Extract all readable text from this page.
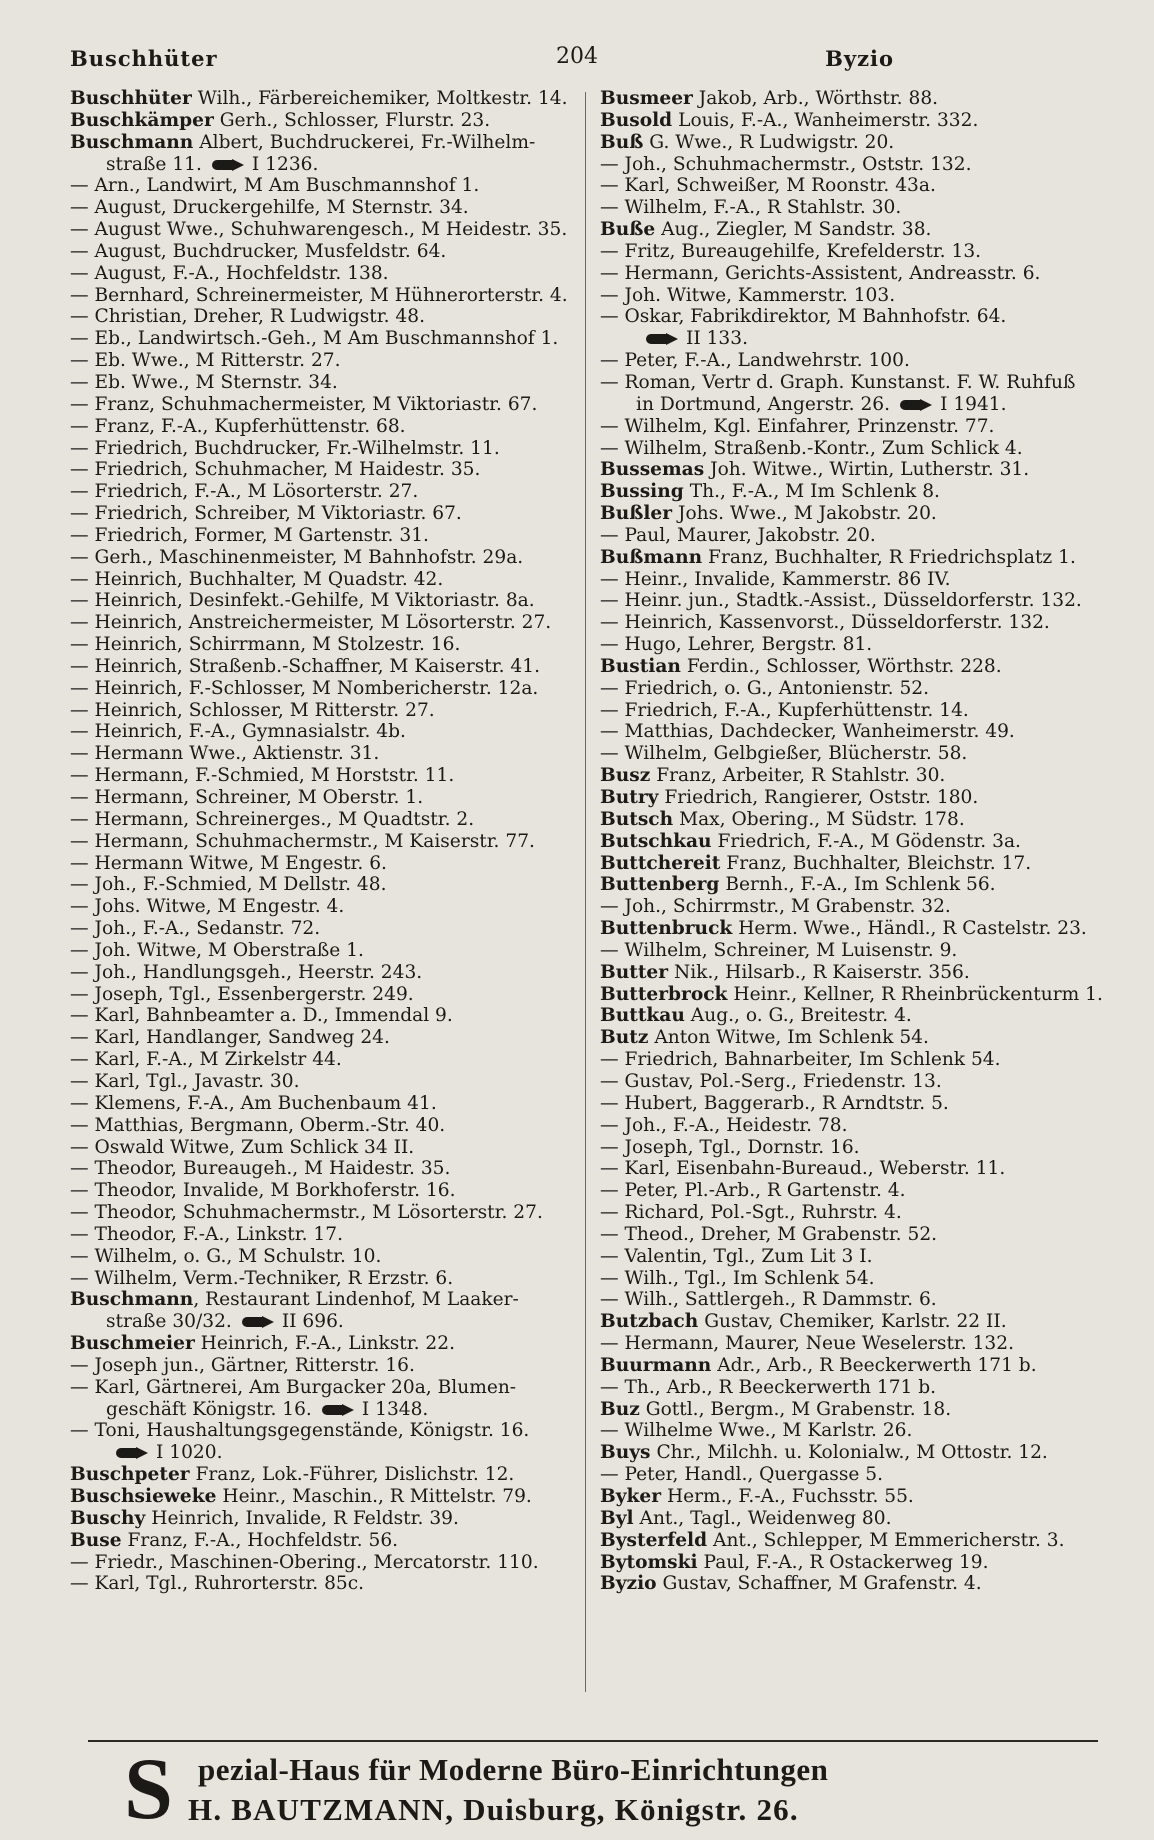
Buschhüter	204	Byzio
Buschhüter Wilh., Färbereichemiker, Moltkestr. 14.
Buschkämper Gerh., Schlosser, Flurstr. 23.
Buschmann Albert, Buchdruckerei, Fr.-Wilhelm-
straße 11.	I 1236.
— Arn., Landwirt, M Am Buschmannshof 1.
— August, Druckergehilfe, M Sternstr. 34.
— August Wwe., Schuhwarengesch., M Heidestr. 35.
— August, Buchdrucker, Musfeldstr. 64.
— August, F.-A., Hochfeldstr. 138.
— Bernhard, Schreinermeister, M Hühnerorterstr. 4.
— Christian, Dreher, R Ludwigstr. 48.
— Eb., Landwirtsch.-Geh., M Am Buschmannshof 1.
— Eb. Wwe., M Ritterstr. 27.
— Eb. Wwe., M Sternstr. 34.
— Franz, Schuhmachermeister, M Viktoriastr. 67.
— Franz, F.-A., Kupferhüttenstr. 68.
— Friedrich, Buchdrucker, Fr.-Wilhelmstr. 11.
— Friedrich, Schuhmacher, M Haidestr. 35.
— Friedrich, F.-A., M Lösorterstr. 27.
— Friedrich, Schreiber, M Viktoriastr. 67.
— Friedrich, Former, M Gartenstr. 31.
— Gerh., Maschinenmeister, M Bahnhofstr. 29a.
— Heinrich, Buchhalter, M Quadstr. 42.
— Heinrich, Desinfekt.-Gehilfe, M Viktoriastr. 8a.
— Heinrich, Anstreichermeister, M Lösorterstr. 27.
— Heinrich, Schirrmann, M Stolzestr. 16.
— Heinrich, Straßenb.-Schaffner, M Kaiserstr. 41.
— Heinrich, F.-Schlosser, M Nombericherstr. 12a.
— Heinrich, Schlosser, M Ritterstr. 27.
— Heinrich, F.-A., Gymnasialstr. 4b.
— Hermann Wwe., Aktienstr. 31.
— Hermann, F.-Schmied, M Horststr. 11.
— Hermann, Schreiner, M Oberstr. 1.
— Hermann, Schreinerges., M Quadtstr. 2.
— Hermann, Schuhmachermstr., M Kaiserstr. 77.
— Hermann Witwe, M Engestr. 6.
— Joh., F.-Schmied, M Dellstr. 48.
— Johs. Witwe, M Engestr. 4.
— Joh., F.-A., Sedanstr. 72.
— Joh. Witwe, M Oberstraße 1.
— Joh., Handlungsgeh., Heerstr. 243.
— Joseph, Tgl., Essenbergerstr. 249.
— Karl, Bahnbeamter a. D., Immendal 9.
— Karl, Handlanger, Sandweg 24.
— Karl, F.-A., M Zirkelstr 44.
— Karl, Tgl., Javastr. 30.
— Klemens, F.-A., Am Buchenbaum 41.
— Matthias, Bergmann, Oberm.-Str. 40.
— Oswald Witwe, Zum Schlick 34 II.
— Theodor, Bureaugeh., M Haidestr. 35.
— Theodor, Invalide, M Borkhoferstr. 16.
— Theodor, Schuhmachermstr., M Lösorterstr. 27.
— Theodor, F.-A., Linkstr. 17.
— Wilhelm, o. G., M Schulstr. 10.
— Wilhelm, Verm.-Techniker, R Erzstr. 6.
Buschmann, Restaurant Lindenhof, M Laaker-
straße 30/32.	II 696.
Buschmeier Heinrich, F.-A., Linkstr. 22.
— Joseph jun., Gärtner, Ritterstr. 16.
— Karl, Gärtnerei, Am Burgacker 20a, Blumen-
geschäft Königstr. 16.	I 1348.
— Toni, Haushaltungsgegenstände, Königstr. 16.
I 1020.
Buschpeter Franz, Lok.-Führer, Dislichstr. 12.
Buschsieweke Heinr., Maschin., R Mittelstr. 79.
Buschy Heinrich, Invalide, R Feldstr. 39.
Buse Franz, F.-A., Hochfeldstr. 56.
— Friedr., Maschinen-Obering., Mercatorstr. 110.
— Karl, Tgl., Ruhrorterstr. 85c.
Busmeer Jakob, Arb., Wörthstr. 88.
Busold Louis, F.-A., Wanheimerstr. 332.
Buß G. Wwe., R Ludwigstr. 20.
— Joh., Schuhmachermstr., Oststr. 132.
— Karl, Schweißer, M Roonstr. 43a.
— Wilhelm, F.-A., R Stahlstr. 30.
Buße Aug., Ziegler, M Sandstr. 38.
— Fritz, Bureaugehilfe, Krefelderstr. 13.
— Hermann, Gerichts-Assistent, Andreasstr. 6.
— Joh. Witwe, Kammerstr. 103.
— Oskar, Fabrikdirektor, M Bahnhofstr. 64.
II 133.
— Peter, F.-A., Landwehrstr. 100.
— Roman, Vertr d. Graph. Kunstanst. F. W. Ruhfuß
in Dortmund, Angerstr. 26.	I 1941.
— Wilhelm, Kgl. Einfahrer, Prinzenstr. 77.
— Wilhelm, Straßenb.-Kontr., Zum Schlick 4.
Bussemas Joh. Witwe., Wirtin, Lutherstr. 31.
Bussing Th., F.-A., M Im Schlenk 8.
Bußler Johs. Wwe., M Jakobstr. 20.
— Paul, Maurer, Jakobstr. 20.
Bußmann Franz, Buchhalter, R Friedrichsplatz 1.
— Heinr., Invalide, Kammerstr. 86 IV.
— Heinr. jun., Stadtk.-Assist., Düsseldorferstr. 132.
— Heinrich, Kassenvorst., Düsseldorferstr. 132.
— Hugo, Lehrer, Bergstr. 81.
Bustian Ferdin., Schlosser, Wörthstr. 228.
— Friedrich, o. G., Antonienstr. 52.
— Friedrich, F.-A., Kupferhüttenstr. 14.
— Matthias, Dachdecker, Wanheimerstr. 49.
— Wilhelm, Gelbgießer, Blücherstr. 58.
Busz Franz, Arbeiter, R Stahlstr. 30.
Butry Friedrich, Rangierer, Oststr. 180.
Butsch Max, Obering., M Südstr. 178.
Butschkau Friedrich, F.-A., M Gödenstr. 3a.
Buttchereit Franz, Buchhalter, Bleichstr. 17.
Buttenberg Bernh., F.-A., Im Schlenk 56.
— Joh., Schirrmstr., M Grabenstr. 32.
Buttenbruck Herm. Wwe., Händl., R Castelstr. 23.
— Wilhelm, Schreiner, M Luisenstr. 9.
Butter Nik., Hilsarb., R Kaiserstr. 356.
Butterbrock Heinr., Kellner, R Rheinbrückenturm 1.
Buttkau Aug., o. G., Breitestr. 4.
Butz Anton Witwe, Im Schlenk 54.
— Friedrich, Bahnarbeiter, Im Schlenk 54.
— Gustav, Pol.-Serg., Friedenstr. 13.
— Hubert, Baggerarb., R Arndtstr. 5.
— Joh., F.-A., Heidestr. 78.
— Joseph, Tgl., Dornstr. 16.
— Karl, Eisenbahn-Bureaud., Weberstr. 11.
— Peter, Pl.-Arb., R Gartenstr. 4.
— Richard, Pol.-Sgt., Ruhrstr. 4.
— Theod., Dreher, M Grabenstr. 52.
— Valentin, Tgl., Zum Lit 3 I.
— Wilh., Tgl., Im Schlenk 54.
— Wilh., Sattlergeh., R Dammstr. 6.
Butzbach Gustav, Chemiker, Karlstr. 22 II.
— Hermann, Maurer, Neue Weselerstr. 132.
Buurmann Adr., Arb., R Beeckerwerth 171 b.
— Th., Arb., R Beeckerwerth 171 b.
Buz Gottl., Bergm., M Grabenstr. 18.
— Wilhelme Wwe., M Karlstr. 26.
Buys Chr., Milchh. u. Kolonialw., M Ottostr. 12.
— Peter, Handl., Quergasse 5.
Byker Herm., F.-A., Fuchsstr. 55.
Byl Ant., Tagl., Weidenweg 80.
Bysterfeld Ant., Schlepper, M Emmericherstr. 3.
Bytomski Paul, F.-A., R Ostackerweg 19.
Byzio Gustav, Schaffner, M Grafenstr. 4.
S pezial-Haus für Moderne Büro-Einrichtungen
H. BAUTZMANN, Duisburg, Königstr. 26.
